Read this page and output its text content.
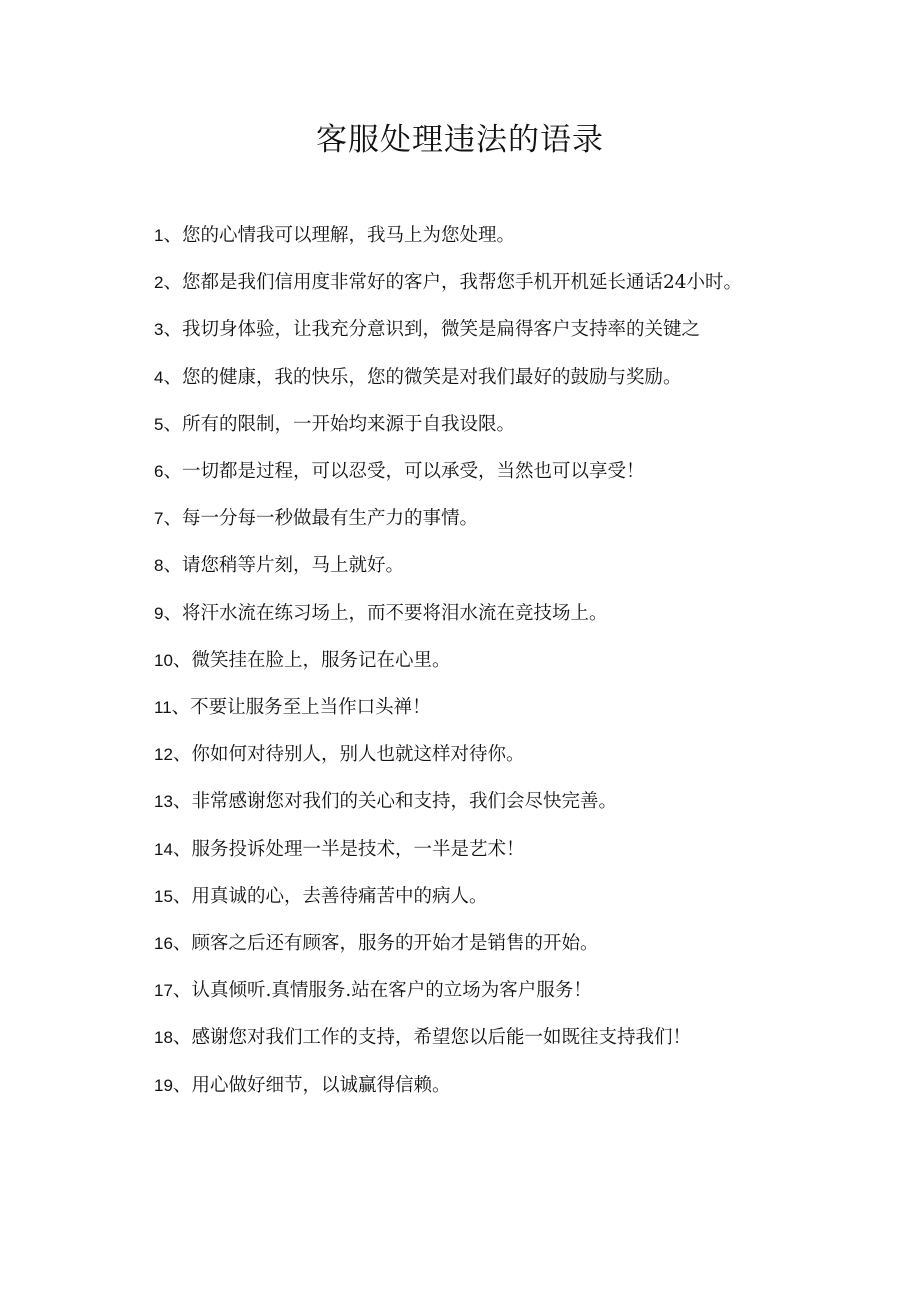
客服处理违法的语录
1、您的心情我可以理解，我马上为您处理。
2、您都是我们信用度非常好的客户，我帮您手机开机延长通话24小时。
3、我切身体验，让我充分意识到，微笑是扁得客户支持率的关键之
4、您的健康，我的快乐，您的微笑是对我们最好的鼓励与奖励。
5、所有的限制，一开始均来源于自我设限。
6、一切都是过程，可以忍受，可以承受，当然也可以享受！
7、每一分每一秒做最有生产力的事情。
8、请您稍等片刻，马上就好。
9、将汗水流在练习场上，而不要将泪水流在竞技场上。
10、微笑挂在脸上，服务记在心里。
11、不要让服务至上当作口头禅！
12、你如何对待别人，别人也就这样对待你。
13、非常感谢您对我们的关心和支持，我们会尽快完善。
14、服务投诉处理一半是技术，一半是艺术！
15、用真诚的心，去善待痛苦中的病人。
16、顾客之后还有顾客，服务的开始才是销售的开始。
17、认真倾听.真情服务.站在客户的立场为客户服务！
18、感谢您对我们工作的支持，希望您以后能一如既往支持我们！
19、用心做好细节，以诚赢得信赖。
